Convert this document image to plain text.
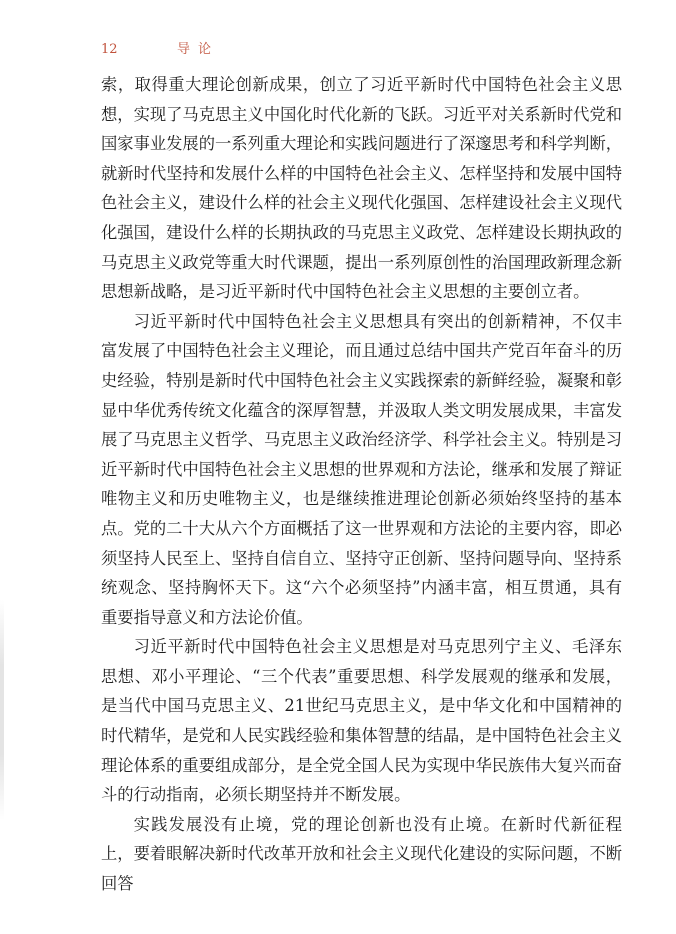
12	导论

索，取得重大理论创新成果，创立了习近平新时代中国特色社会主义思想，实现了马克思主义中国化时代化新的飞跃。习近平对关系新时代党和国家事业发展的一系列重大理论和实践问题进行了深邃思考和科学判断，就新时代坚持和发展什么样的中国特色社会主义、怎样坚持和发展中国特色社会主义，建设什么样的社会主义现代化强国、怎样建设社会主义现代化强国，建设什么样的长期执政的马克思主义政党、怎样建设长期执政的马克思主义政党等重大时代课题，提出一系列原创性的治国理政新理念新思想新战略，是习近平新时代中国特色社会主义思想的主要创立者。

习近平新时代中国特色社会主义思想具有突出的创新精神，不仅丰富发展了中国特色社会主义理论，而且通过总结中国共产党百年奋斗的历史经验，特别是新时代中国特色社会主义实践探索的新鲜经验，凝聚和彰显中华优秀传统文化蕴含的深厚智慧，并汲取人类文明发展成果，丰富发展了马克思主义哲学、马克思主义政治经济学、科学社会主义。特别是习近平新时代中国特色社会主义思想的世界观和方法论，继承和发展了辩证唯物主义和历史唯物主义，也是继续推进理论创新必须始终坚持的基本点。党的二十大从六个方面概括了这一世界观和方法论的主要内容，即必须坚持人民至上、坚持自信自立、坚持守正创新、坚持问题导向、坚持系统观念、坚持胸怀天下。这“六个必须坚持”内涵丰富，相互贯通，具有重要指导意义和方法论价值。

习近平新时代中国特色社会主义思想是对马克思列宁主义、毛泽东思想、邓小平理论、“三个代表”重要思想、科学发展观的继承和发展，是当代中国马克思主义、21世纪马克思主义，是中华文化和中国精神的时代精华，是党和人民实践经验和集体智慧的结晶，是中国特色社会主义理论体系的重要组成部分，是全党全国人民为实现中华民族伟大复兴而奋斗的行动指南，必须长期坚持并不断发展。

实践发展没有止境，党的理论创新也没有止境。在新时代新征程上，要着眼解决新时代改革开放和社会主义现代化建设的实际问题，不断回答
